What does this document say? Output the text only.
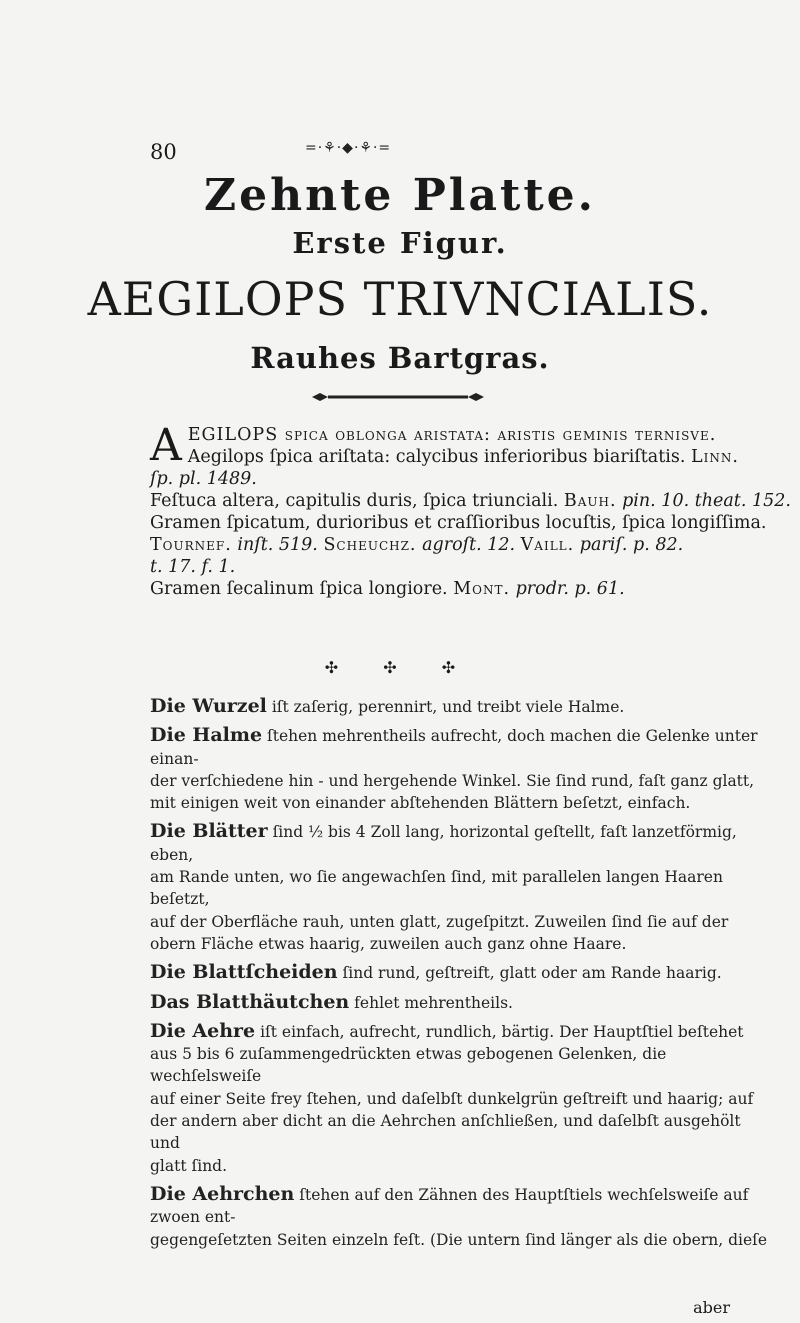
80	=·⚘·◆·⚘·=
Zehnte Platte.
Erste Figur.
AEGILOPS TRIVNCIALIS.
Rauhes Bartgras.
A EGILOPS spica oblonga ariſtata: ariſtis geminis ternisve.
Aegilops ſpica ariſtata: calycibus inferioribus biariſtatis. Linn.
ſp. pl. 1489.
Feſtuca altera, capitulis duris, ſpica triunciali. Bauh. pin. 10. theat. 152.
Gramen ſpicatum, durioribus et craſſioribus locuſtis, ſpica longiſſima.
Tournef. inſt. 519. Scheuchz. agroſt. 12. Vaill. pariſ. p. 82.
t. 17. f. 1.
Gramen ſecalinum ſpica longiore. Mont. prodr. p. 61.
✣ ✣ ✣
Die Wurzel iſt zaſerig, perennirt, und treibt viele Halme.
Die Halme ſtehen mehrentheils aufrecht, doch machen die Gelenke unter einan-
der verſchiedene hin - und hergehende Winkel. Sie ſind rund, faſt ganz glatt,
mit einigen weit von einander abſtehenden Blättern beſetzt, einfach.
Die Blätter ſind ½ bis 4 Zoll lang, horizontal geſtellt, faſt lanzetförmig, eben,
am Rande unten, wo ſie angewachſen ſind, mit parallelen langen Haaren beſetzt,
auf der Oberfläche rauh, unten glatt, zugeſpitzt. Zuweilen ſind ſie auf der
obern Fläche etwas haarig, zuweilen auch ganz ohne Haare.
Die Blattſcheiden ſind rund, geſtreift, glatt oder am Rande haarig.
Das Blatthäutchen fehlet mehrentheils.
Die Aehre iſt einfach, aufrecht, rundlich, bärtig. Der Hauptſtiel beſtehet
aus 5 bis 6 zuſammengedrückten etwas gebogenen Gelenken, die wechſelsweiſe
auf einer Seite frey ſtehen, und daſelbſt dunkelgrün geſtreift und haarig; auf
der andern aber dicht an die Aehrchen anſchließen, und daſelbſt ausgehölt und
glatt ſind.
Die Aehrchen ſtehen auf den Zähnen des Hauptſtiels wechſelsweiſe auf zwoen ent-
gegengeſetzten Seiten einzeln feſt. (Die untern ſind länger als die obern, dieſe
aber
